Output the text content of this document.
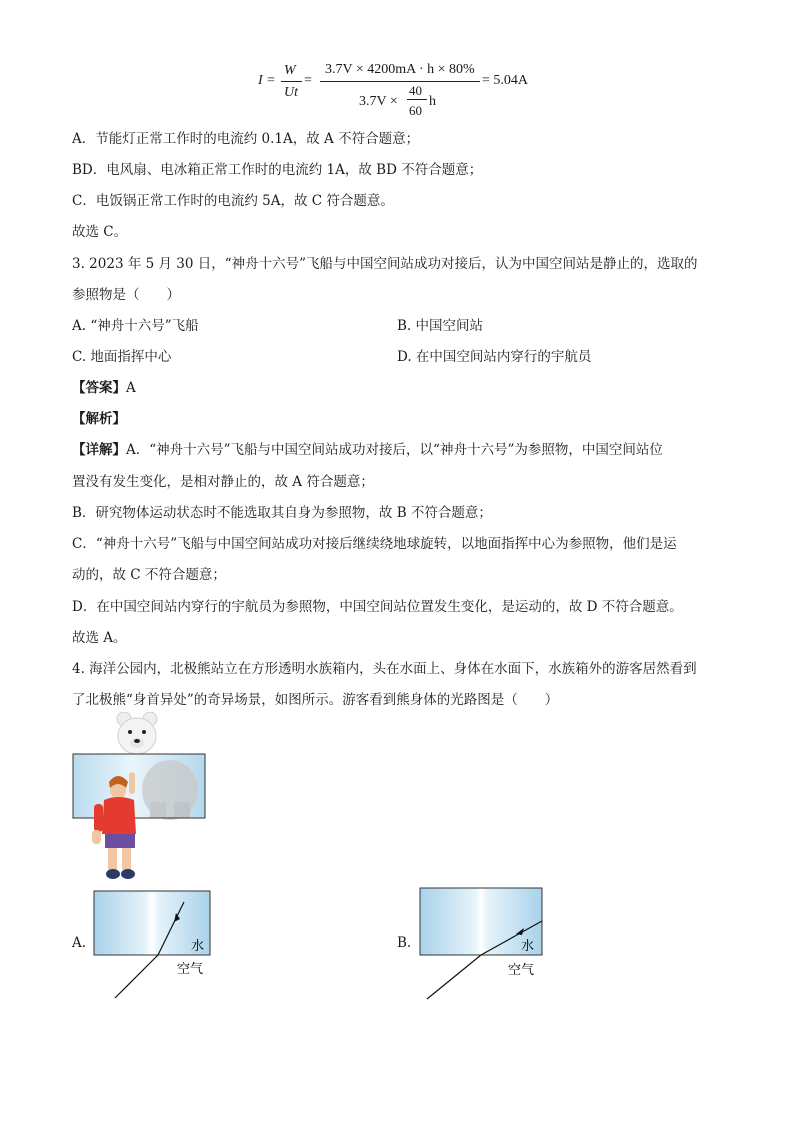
I =
W
Ut
=
3.7V × 4200mA · h × 80%
3.7V ×
40
60
h
= 5.04A
A．节能灯正常工作时的电流约 0.1A，故 A 不符合题意；
BD．电风扇、电冰箱正常工作时的电流约 1A，故 BD 不符合题意；
C．电饭锅正常工作时的电流约 5A，故 C 符合题意。
故选 C。
3. 2023 年 5 月 30 日，“神舟十六号”飞船与中国空间站成功对接后，认为中国空间站是静止的，选取的
参照物是（　　）
A. “神舟十六号”飞船	B. 中国空间站
C. 地面指挥中心	D. 在中国空间站内穿行的宇航员
【答案】A
【解析】
【详解】A．“神舟十六号”飞船与中国空间站成功对接后，以“神舟十六号”为参照物，中国空间站位
置没有发生变化，是相对静止的，故 A 符合题意；
B．研究物体运动状态时不能选取其自身为参照物，故 B 不符合题意；
C．“神舟十六号”飞船与中国空间站成功对接后继续绕地球旋转，以地面指挥中心为参照物，他们是运
动的，故 C 不符合题意；
D．在中国空间站内穿行的宇航员为参照物，中国空间站位置发生变化，是运动的，故 D 不符合题意。
故选 A。
4. 海洋公园内，北极熊站立在方形透明水族箱内，头在水面上、身体在水面下，水族箱外的游客居然看到
了北极熊“身首异处”的奇异场景，如图所示。游客看到熊身体的光路图是（　　）
A.	水
空气
B.	水
空气
